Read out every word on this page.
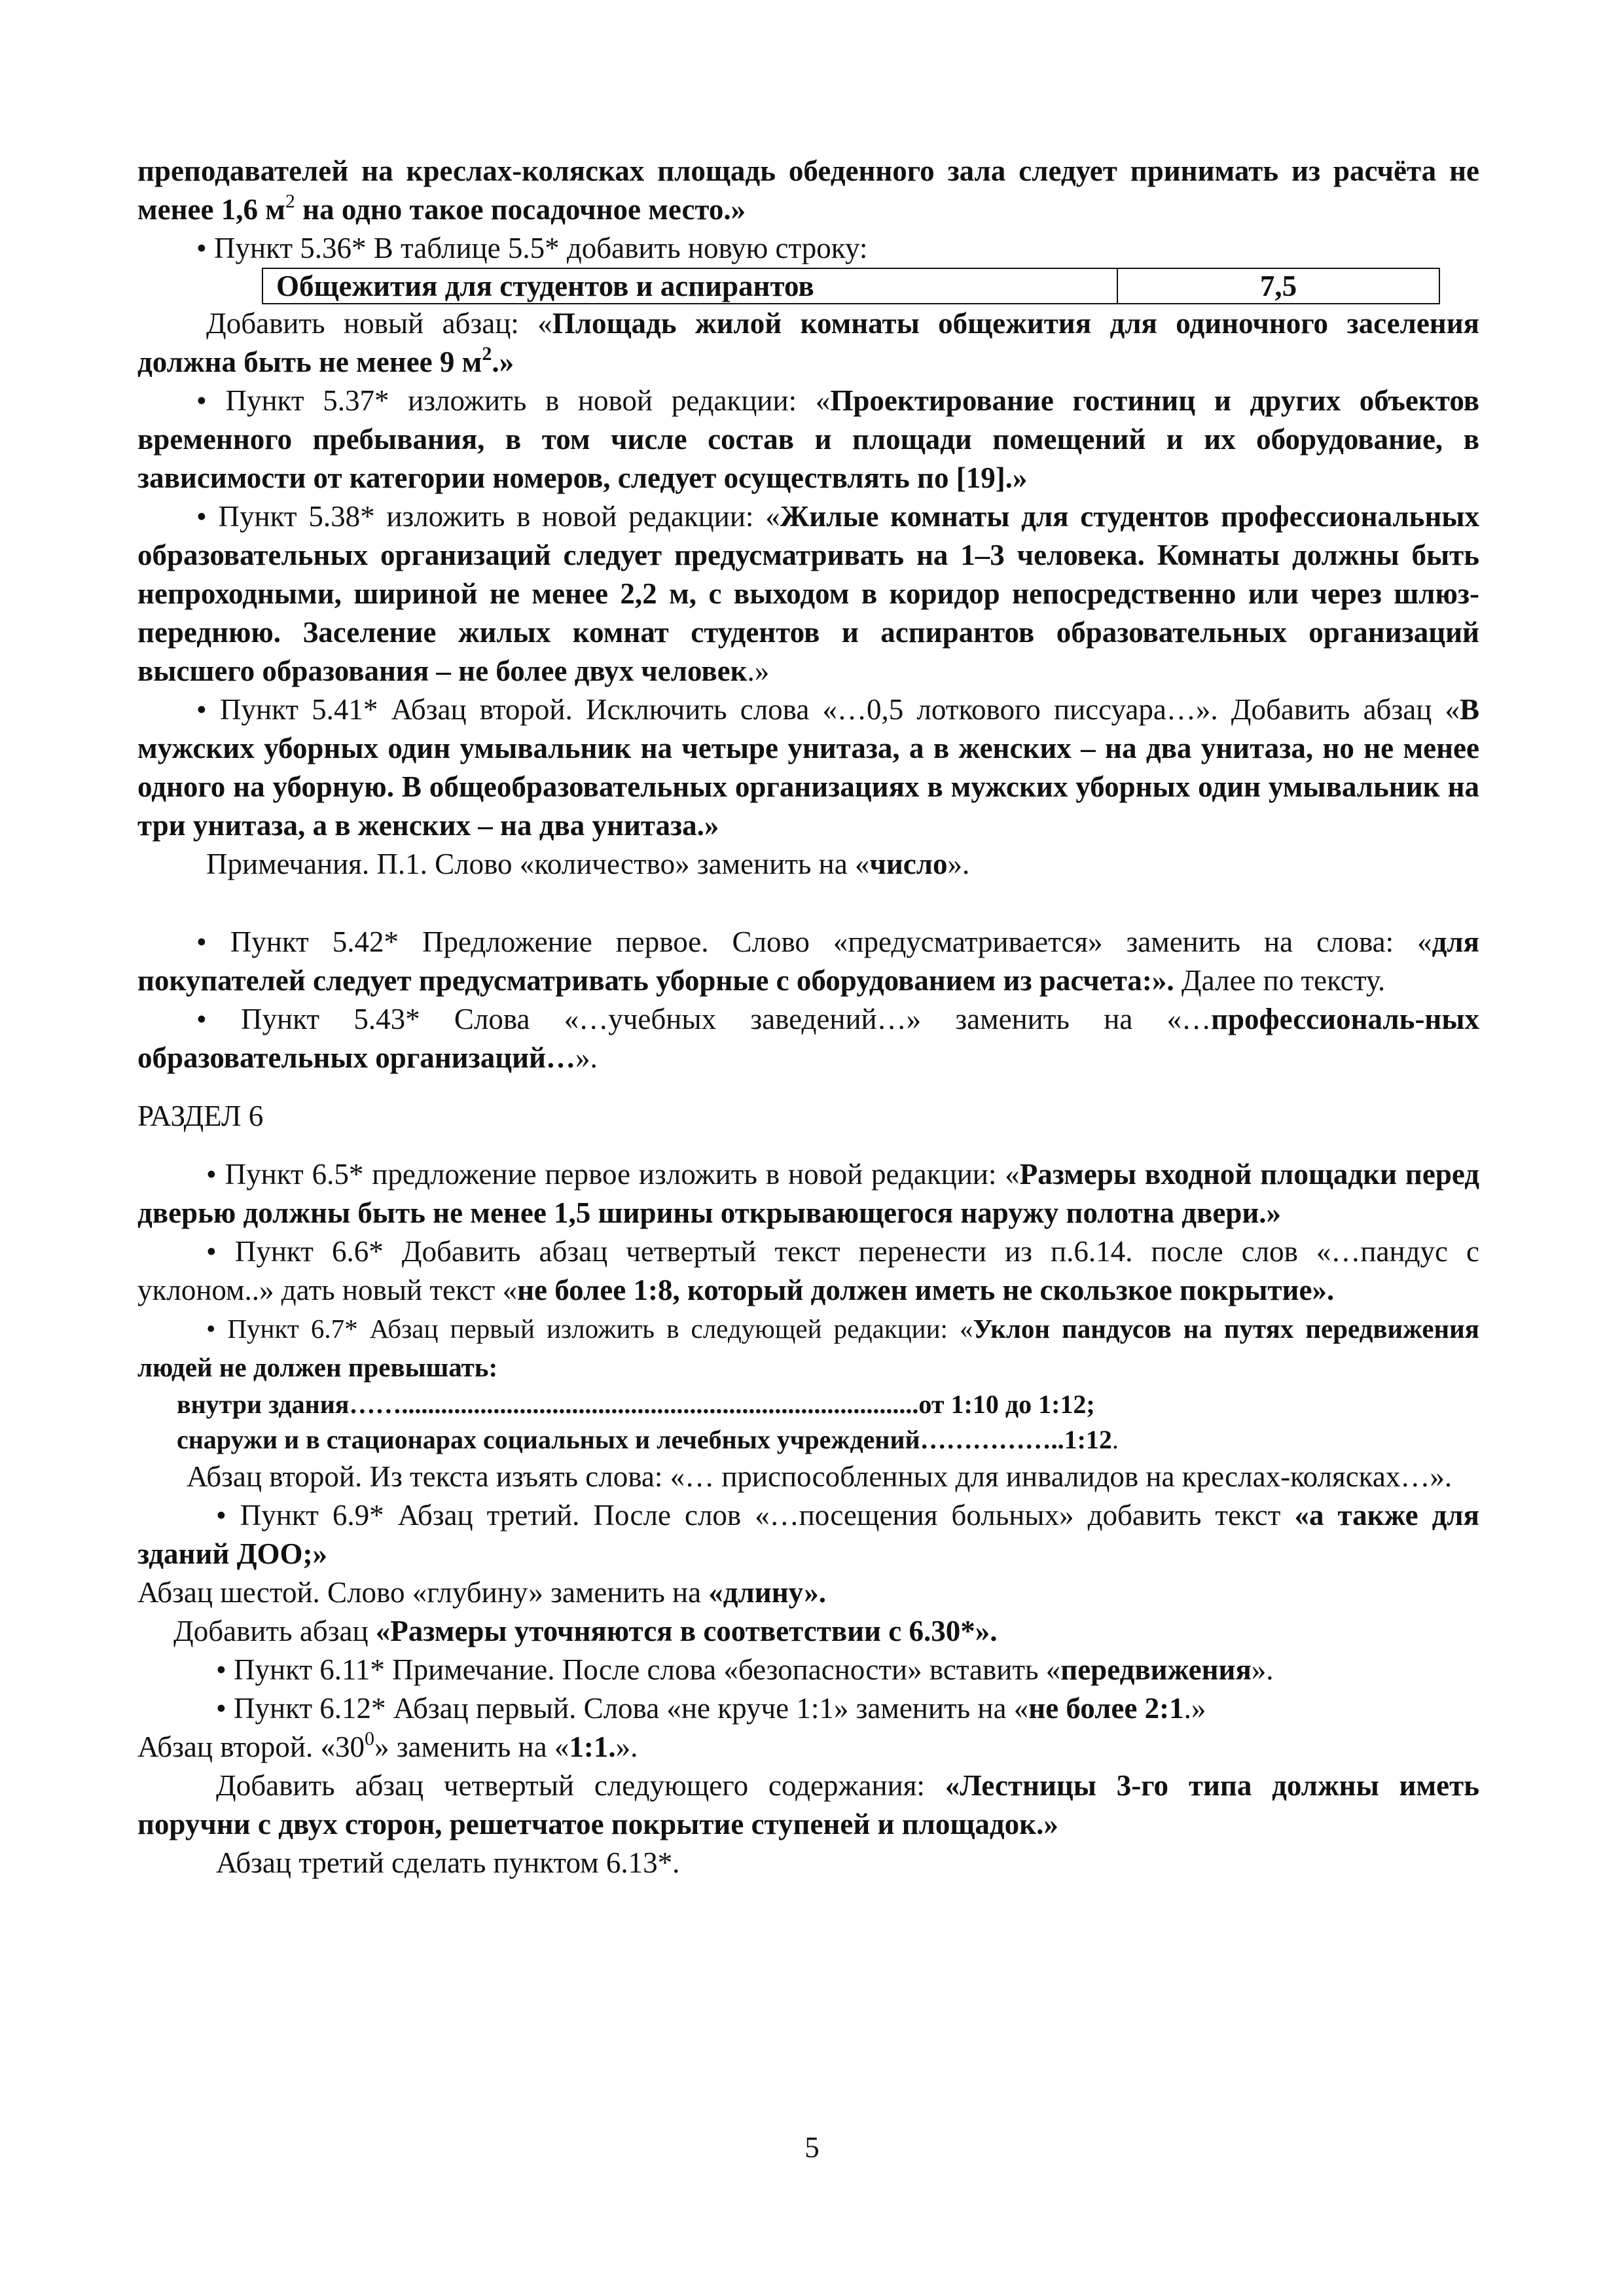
преподавателей на креслах-колясках площадь обеденного зала следует принимать из расчёта не менее 1,6 $м^2$ на одно такое посадочное место.»

• Пункт 5.36* В таблице 5.5* добавить новую строку:

Общежития для студентов и аспирантов	7,5

Добавить новый абзац: «Площадь жилой комнаты общежития для одиночного заселения должна быть не менее 9 $м^2$.»

• Пункт 5.37* изложить в новой редакции: «Проектирование гостиниц и других объектов временного пребывания, в том числе состав и площади помещений и их оборудование, в зависимости от категории номеров, следует осуществлять по [19].»

• Пункт 5.38* изложить в новой редакции: «Жилые комнаты для студентов профессиональных образовательных организаций следует предусматривать на 1–3 человека. Комнаты должны быть непроходными, шириной не менее 2,2 м, с выходом в коридор непосредственно или через шлюз-переднюю. Заселение жилых комнат студентов и аспирантов образовательных организаций высшего образования – не более двух человек.»

• Пункт 5.41* Абзац второй. Исключить слова «…0,5 лоткового писсуара…». Добавить абзац «В мужских уборных один умывальник на четыре унитаза, а в женских – на два унитаза, но не менее одного на уборную. В общеобразовательных организациях в мужских уборных один умывальник на три унитаза, а в женских – на два унитаза.»

Примечания. П.1. Слово «количество» заменить на «число».

• Пункт 5.42* Предложение первое. Слово «предусматривается» заменить на слова: «для покупателей следует предусматривать уборные с оборудованием из расчета:». Далее по тексту.

• Пункт 5.43* Слова «…учебных заведений…» заменить на «…профессиональ-ных образовательных организаций…».

РАЗДЕЛ 6

• Пункт 6.5* предложение первое изложить в новой редакции: «Размеры входной площадки перед дверью должны быть не менее 1,5 ширины открывающегося наружу полотна двери.»

• Пункт 6.6* Добавить абзац четвертый текст перенести из п.6.14. после слов «…пандус с уклоном..» дать новый текст «не более 1:8, который должен иметь не скользкое покрытие».

• Пункт 6.7* Абзац первый изложить в следующей редакции: «Уклон пандусов на путях передвижения людей не должен превышать:

внутри здания……...............................................................................от 1:10 до 1:12;

снаружи и в стационарах социальных и лечебных учреждений……………..1:12.

Абзац второй. Из текста изъять слова: «… приспособленных для инвалидов на креслах-колясках…».

• Пункт 6.9* Абзац третий. После слов «…посещения больных» добавить текст «а также для зданий ДОО;»

Абзац шестой. Слово «глубину» заменить на «длину».

Добавить абзац «Размеры уточняются в соответствии с 6.30*».

• Пункт 6.11* Примечание. После слова «безопасности» вставить «передвижения».

• Пункт 6.12* Абзац первый. Слова «не круче 1:1» заменить на «не более 2:1.»

Абзац второй. «$30^0$» заменить на «1:1.».

Добавить абзац четвертый следующего содержания: «Лестницы 3-го типа должны иметь поручни с двух сторон, решетчатое покрытие ступеней и площадок.»

Абзац третий сделать пунктом 6.13*.

5
